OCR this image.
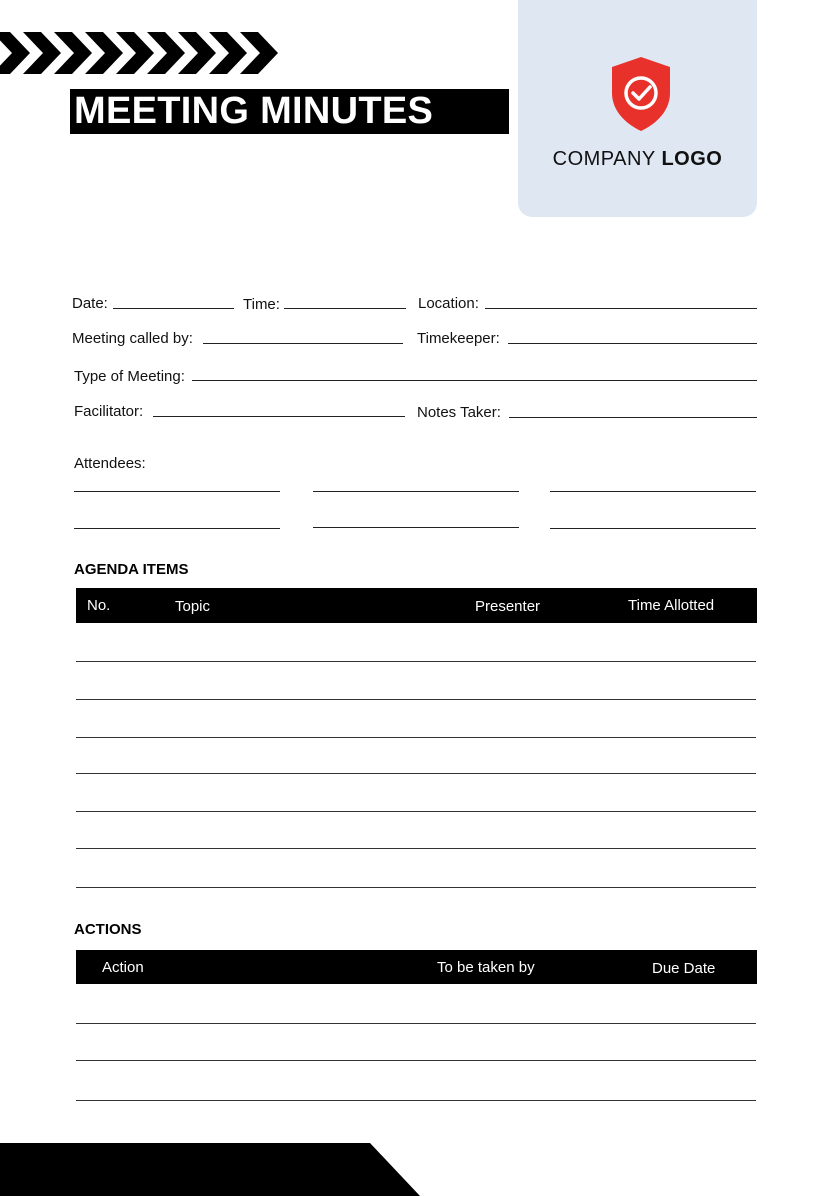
MEETING MINUTES
COMPANY LOGO
Date:	Time:	Location:
Meeting called by:	Timekeeper:
Type of Meeting:
Facilitator:	Notes Taker:
Attendees:
AGENDA ITEMS
No.	Topic	Presenter	Time Allotted
ACTIONS
Action	To be taken by	Due Date
